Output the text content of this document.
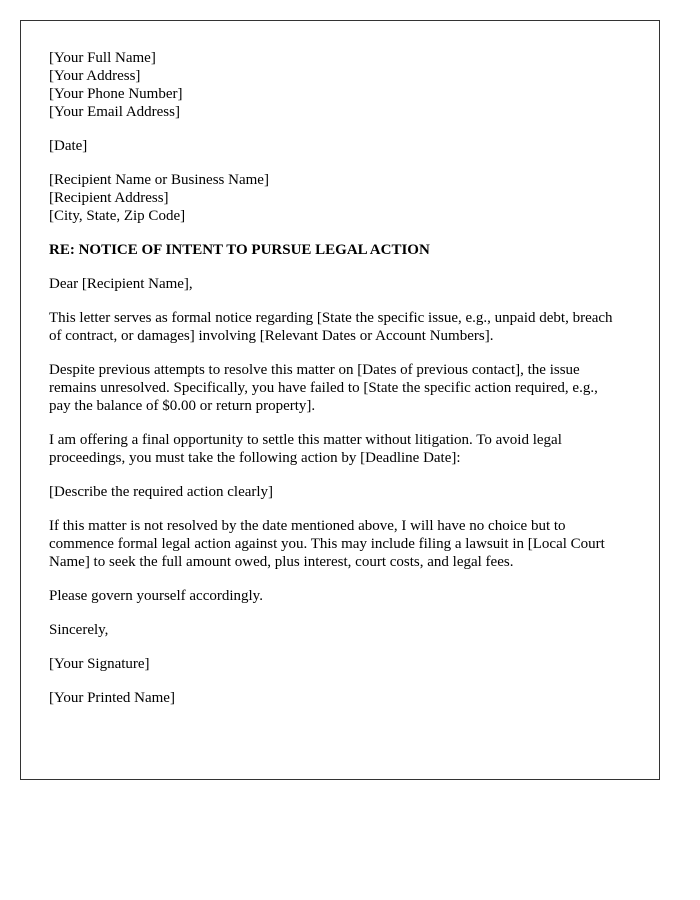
[Your Full Name]
[Your Address]
[Your Phone Number]
[Your Email Address]
[Date]
[Recipient Name or Business Name]
[Recipient Address]
[City, State, Zip Code]

RE: NOTICE OF INTENT TO PURSUE LEGAL ACTION

Dear [Recipient Name],

This letter serves as formal notice regarding [State the specific issue, e.g., unpaid debt, breach of contract, or damages] involving [Relevant Dates or Account Numbers].

Despite previous attempts to resolve this matter on [Dates of previous contact], the issue remains unresolved. Specifically, you have failed to [State the specific action required, e.g., pay the balance of $0.00 or return property].

I am offering a final opportunity to settle this matter without litigation. To avoid legal proceedings, you must take the following action by [Deadline Date]:

[Describe the required action clearly]

If this matter is not resolved by the date mentioned above, I will have no choice but to commence formal legal action against you. This may include filing a lawsuit in [Local Court Name] to seek the full amount owed, plus interest, court costs, and legal fees.

Please govern yourself accordingly.

Sincerely,

[Your Signature]

[Your Printed Name]
